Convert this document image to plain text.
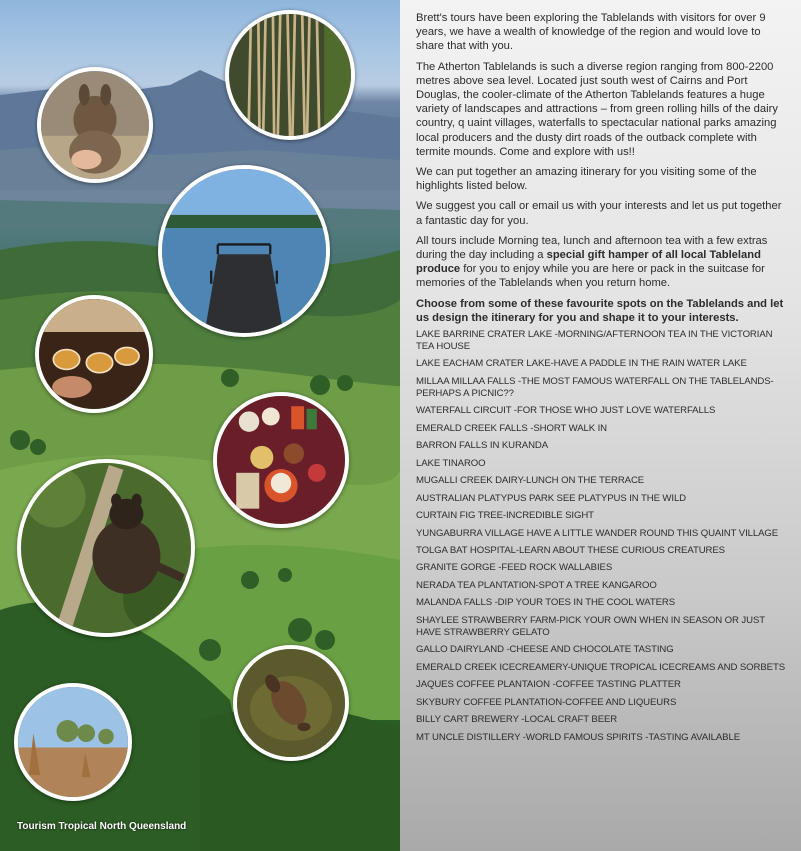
Tourism Tropical North Queensland

Brett's tours have been exploring the Tablelands with visitors for over 9 years, we have a wealth of knowledge of the region and would love to share that with you.

The Atherton Tablelands is such a diverse region ranging from 800-2200 metres above sea level. Located just south west of Cairns and Port Douglas, the cooler-climate of the Atherton Tablelands features a huge variety of landscapes and attractions – from green rolling hills of the dairy country, q uaint villages, waterfalls to spectacular national parks amazing local producers and the dusty dirt roads of the outback complete with termite mounds. Come and explore with us!!

We can put together an amazing itinerary for you visiting some of the highlights listed below.

We suggest you call or email us with your interests and let us put together a fantastic day for you.

All tours include Morning tea, lunch and afternoon tea with a few extras during the day including a special gift hamper of all local Tableland produce for you to enjoy while you are here or pack in the suitcase for memories of the Tablelands when you return home.

Choose from some of these favourite spots on the Tablelands and let us design the itinerary for you and shape it to your interests.

LAKE BARRINE CRATER LAKE -MORNING/AFTERNOON TEA IN THE VICTORIAN TEA HOUSE
LAKE EACHAM CRATER LAKE-HAVE A PADDLE IN THE RAIN WATER LAKE
MILLAA MILLAA FALLS -THE MOST FAMOUS WATERFALL ON THE TABLELANDS- PERHAPS A PICNIC??
WATERFALL CIRCUIT -FOR THOSE WHO JUST LOVE WATERFALLS
EMERALD CREEK FALLS -SHORT WALK IN
BARRON FALLS IN KURANDA
LAKE TINAROO
MUGALLI CREEK DAIRY-LUNCH ON THE TERRACE
AUSTRALIAN PLATYPUS PARK SEE PLATYPUS IN THE WILD
CURTAIN FIG TREE-INCREDIBLE SIGHT
YUNGABURRA VILLAGE HAVE A LITTLE WANDER ROUND THIS QUAINT VILLAGE
TOLGA BAT HOSPITAL-LEARN ABOUT THESE CURIOUS CREATURES
GRANITE GORGE -FEED ROCK WALLABIES
NERADA TEA PLANTATION-SPOT A TREE KANGAROO
MALANDA FALLS -DIP YOUR TOES IN THE COOL WATERS
SHAYLEE STRAWBERRY FARM-PICK YOUR OWN WHEN IN SEASON OR JUST HAVE STRAWBERRY GELATO
GALLO DAIRYLAND -CHEESE AND CHOCOLATE TASTING
EMERALD CREEK ICECREAMERY-UNIQUE TROPICAL ICECREAMS AND SORBETS
JAQUES COFFEE PLANTAION -COFFEE TASTING PLATTER
SKYBURY COFFEE PLANTATION-COFFEE AND LIQUEURS
BILLY CART BREWERY -LOCAL CRAFT BEER
MT UNCLE DISTILLERY -WORLD FAMOUS SPIRITS -TASTING AVAILABLE
